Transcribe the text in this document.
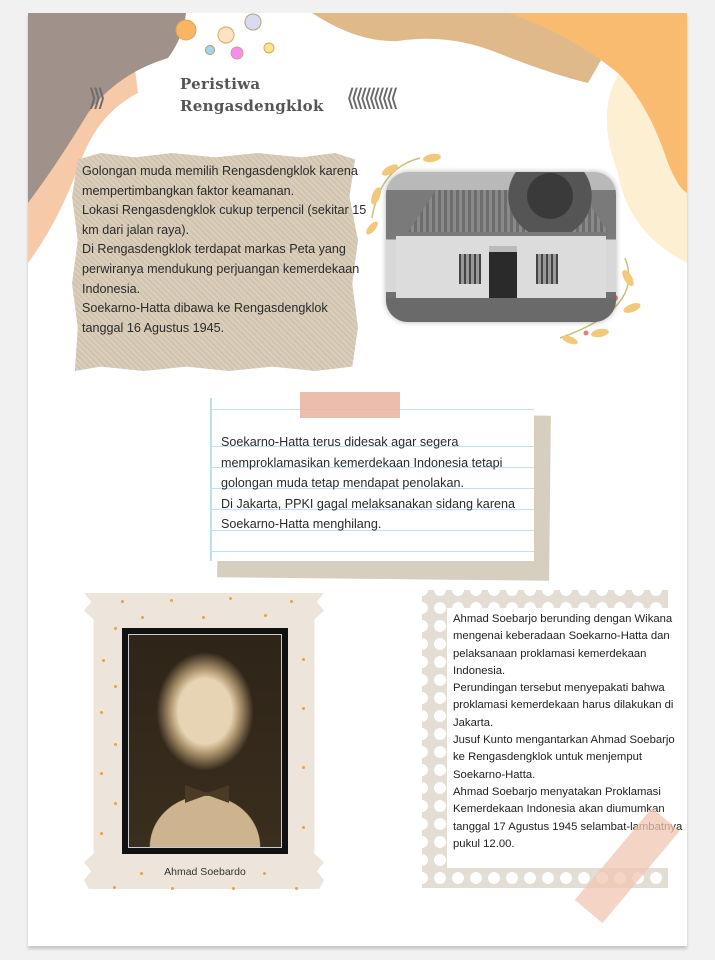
⟩⟩⟩	Peristiwa
Rengasdengklok ⟨⟨⟨⟨⟨⟨⟨⟨⟨⟨⟨

Golongan muda memilih Rengasdengklok karena mempertimbangkan faktor keamanan.

Lokasi Rengasdengklok cukup terpencil (sekitar 15 km dari jalan raya).

Di Rengasdengklok terdapat markas Peta yang perwiranya mendukung perjuangan kemerdekaan Indonesia.

Soekarno-Hatta dibawa ke Rengasdengklok tanggal 16 Agustus 1945.

Soekarno-Hatta terus didesak agar segera memproklamasikan kemerdekaan Indonesia tetapi golongan muda tetap mendapat penolakan.

Di Jakarta, PPKI gagal melaksanakan sidang karena Soekarno-Hatta menghilang.

Ahmad Soebardo

Ahmad Soebarjo berunding dengan Wikana mengenai keberadaan Soekarno-Hatta dan pelaksanaan proklamasi kemerdekaan Indonesia.

Perundingan tersebut menyepakati bahwa proklamasi kemerdekaan harus dilakukan di Jakarta.

Jusuf Kunto mengantarkan Ahmad Soebarjo ke Rengasdengklok untuk menjemput Soekarno-Hatta.

Ahmad Soebarjo menyatakan Proklamasi Kemerdekaan Indonesia akan diumumkan tanggal 17 Agustus 1945 selambat-lambatnya pukul 12.00.
